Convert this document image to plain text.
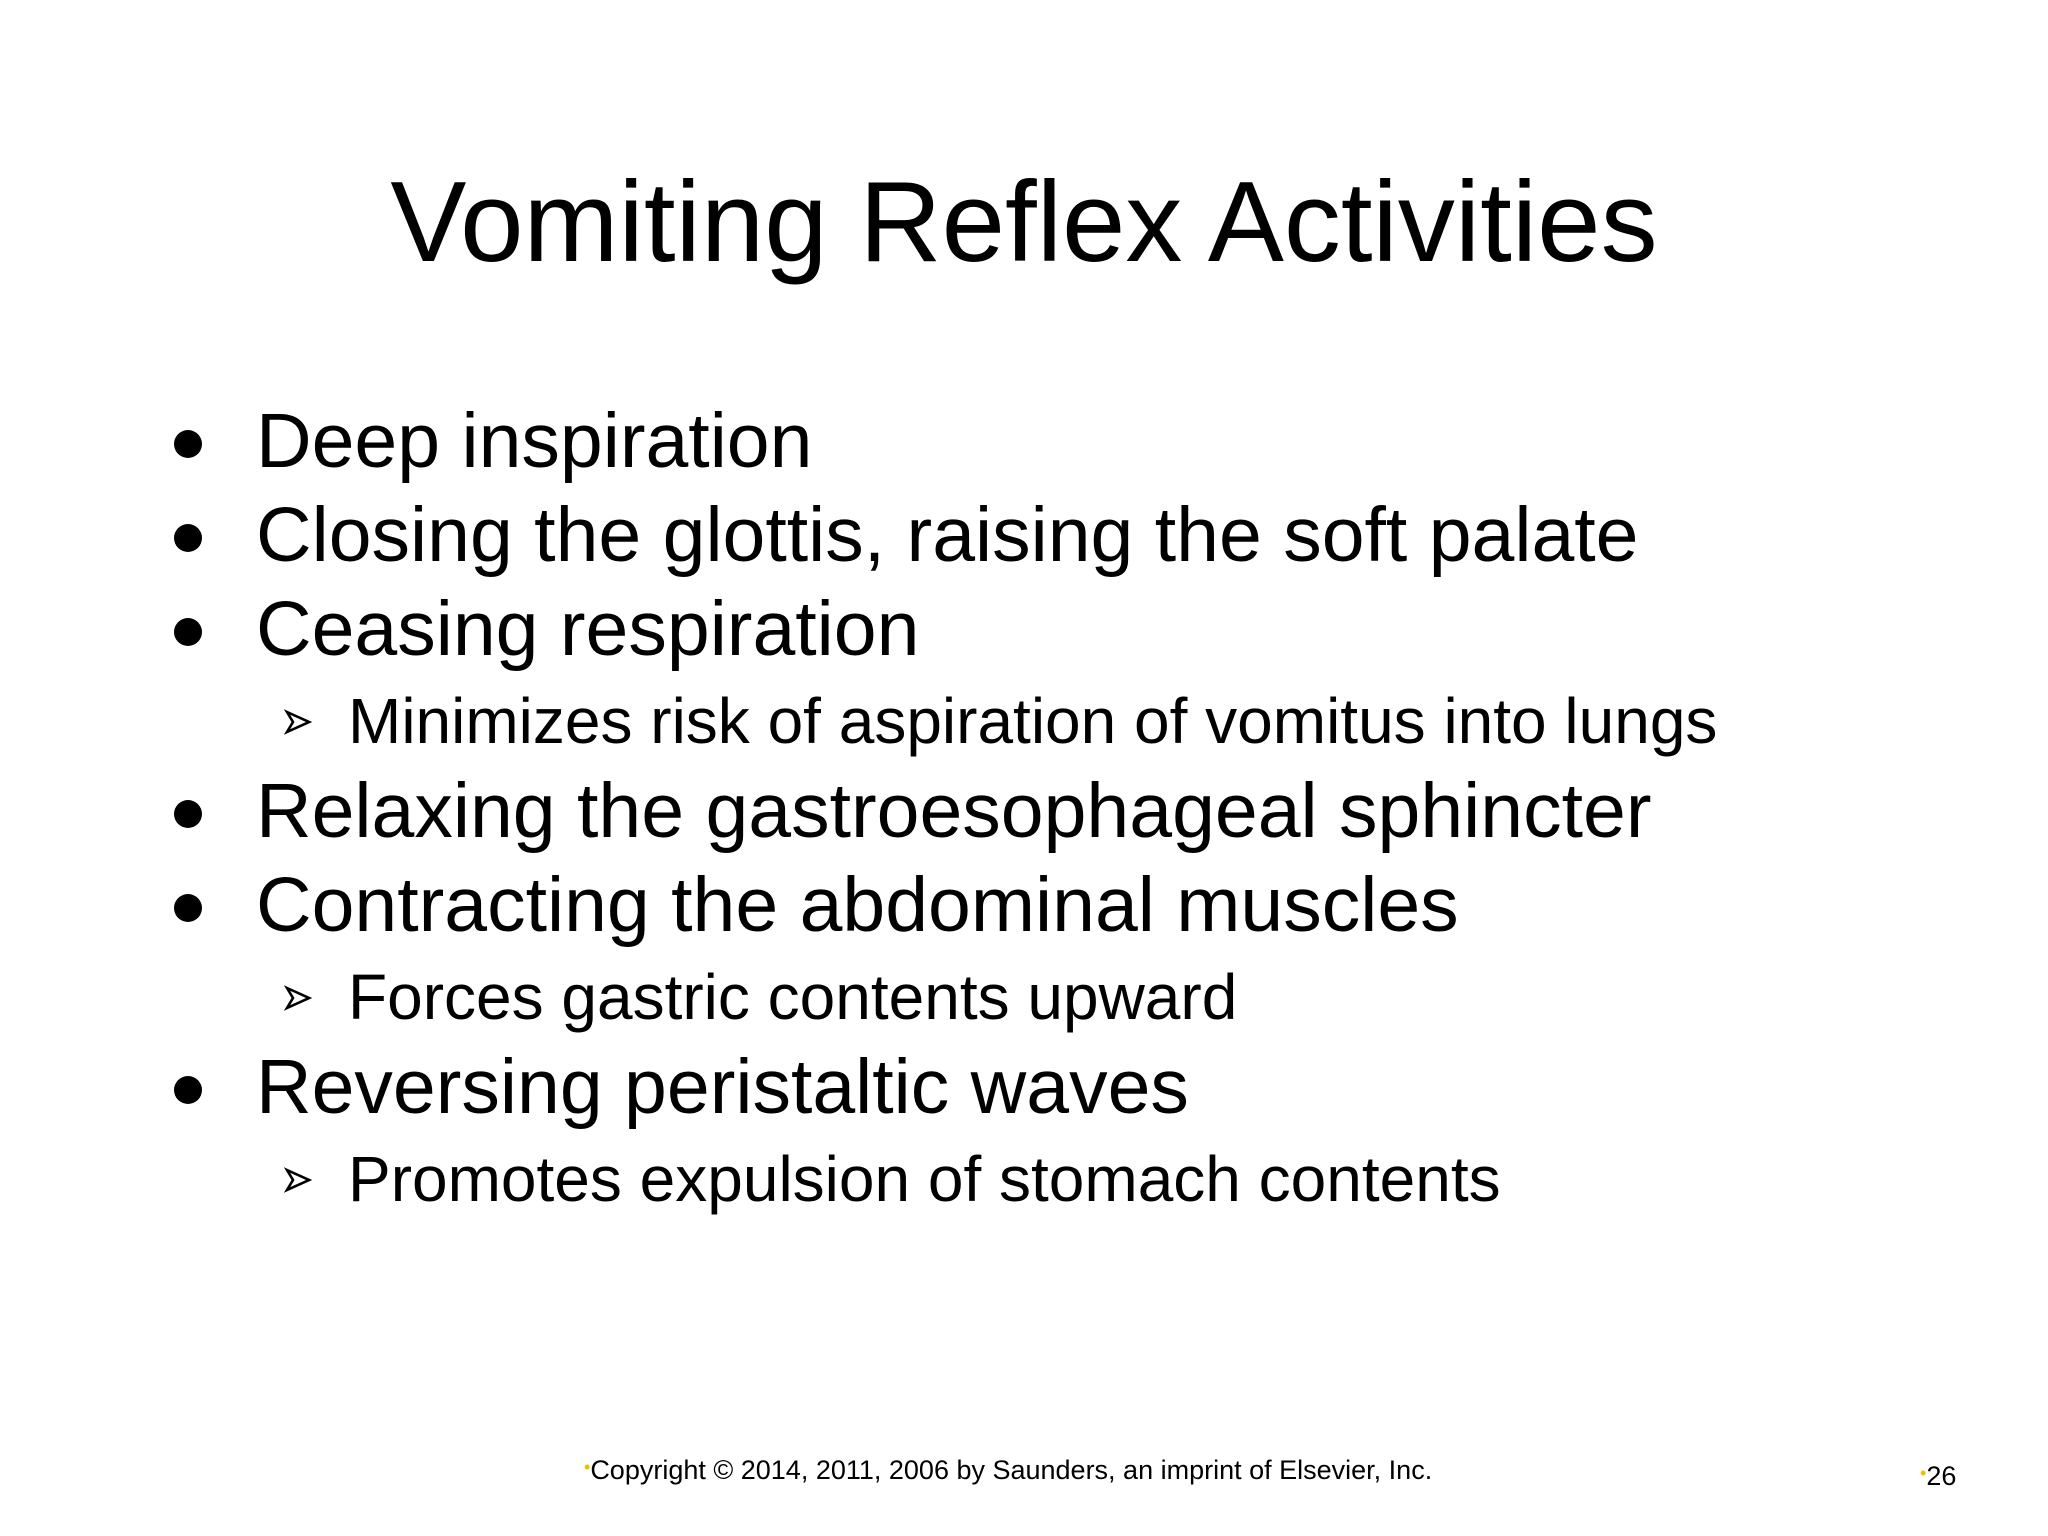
Vomiting Reflex Activities
Deep inspiration
Closing the glottis, raising the soft palate
Ceasing respiration
Minimizes risk of aspiration of vomitus into lungs
Relaxing the gastroesophageal sphincter
Contracting the abdominal muscles
Forces gastric contents upward
Reversing peristaltic waves
Promotes expulsion of stomach contents
•Copyright © 2014, 2011, 2006 by Saunders, an imprint of Elsevier, Inc.	•26
